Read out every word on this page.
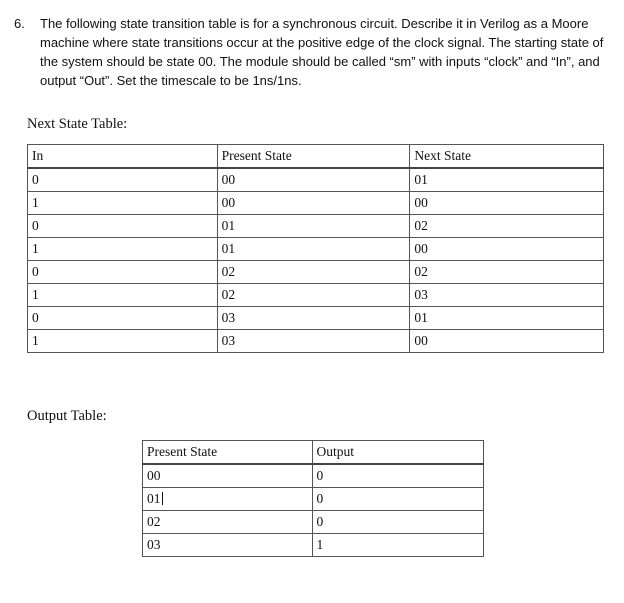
6. The following state transition table is for a synchronous circuit. Describe it in Verilog as a Moore machine where state transitions occur at the positive edge of the clock signal. The starting state of the system should be state 00. The module should be called “sm” with inputs “clock” and “In”, and output “Out”. Set the timescale to be 1ns/1ns.
Next State Table:
In	Present State	Next State
0	00	01
1	00	00
0	01	02
1	01	00
0	02	02
1	02	03
0	03	01
1	03	00
Output Table:
Present State	Output
00	0
01	0
02	0
03	1
